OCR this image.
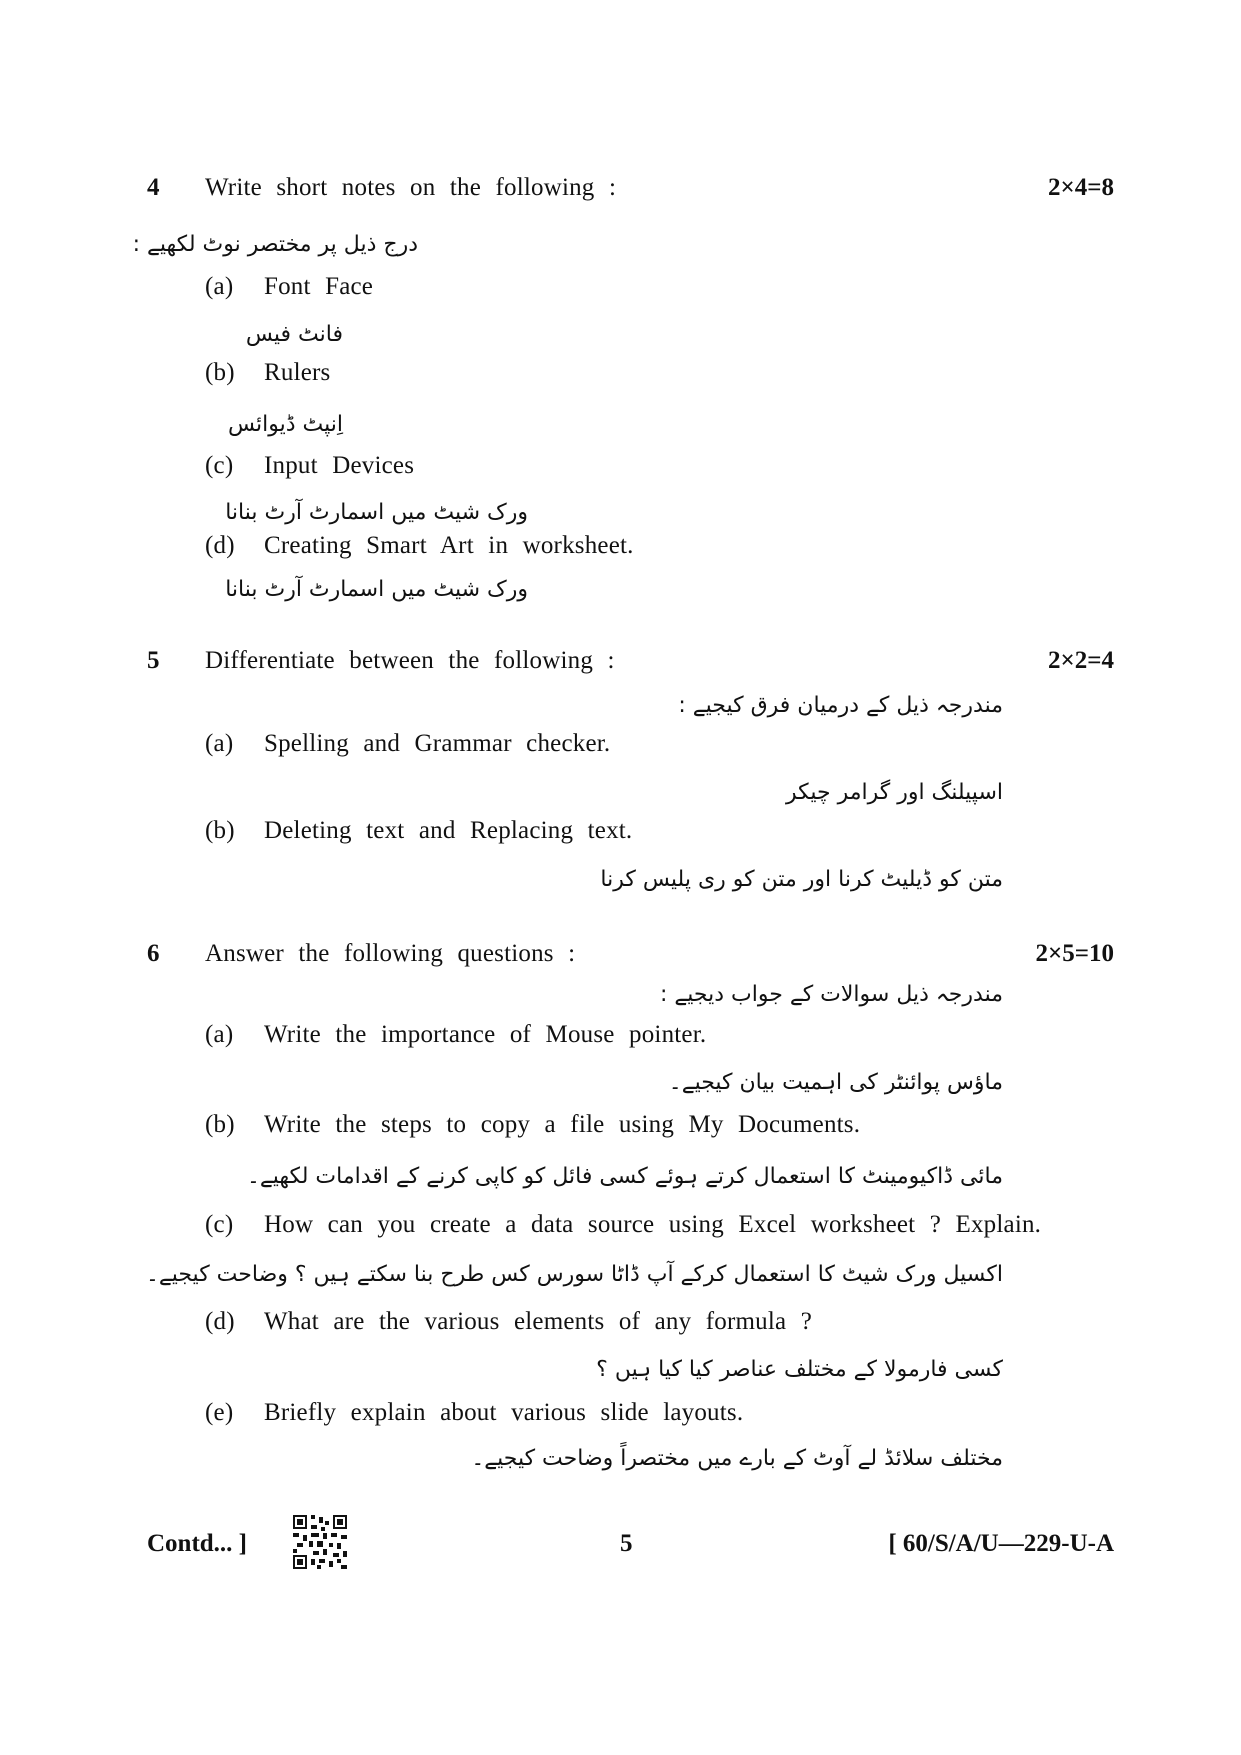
4 Write short notes on the following :	2×4=8
درج ذیل پر مختصر نوٹ لکھیے :
(a) Font Face
فانٹ فیس
(b) Rulers
اِنپٹ ڈیوائس
(c) Input Devices
ورک شیٹ میں اسمارٹ آرٹ بنانا
(d) Creating Smart Art in worksheet.
ورک شیٹ میں اسمارٹ آرٹ بنانا
5 Differentiate between the following :	2×2=4
مندرجہ ذیل کے درمیان فرق کیجیے :
(a) Spelling and Grammar checker.
اسپیلنگ اور گرامر چیکر
(b) Deleting text and Replacing text.
متن کو ڈیلیٹ کرنا اور متن کو ری پلیس کرنا
6 Answer the following questions :	2×5=10
مندرجہ ذیل سوالات کے جواب دیجیے :
(a) Write the importance of Mouse pointer.
ماؤس پوائنٹر کی اہمیت بیان کیجیے۔
(b) Write the steps to copy a file using My Documents.
مائی ڈاکیومینٹ کا استعمال کرتے ہوئے کسی فائل کو کاپی کرنے کے اقدامات لکھیے۔
(c) How can you create a data source using Excel worksheet ? Explain.
اکسیل ورک شیٹ کا استعمال کرکے آپ ڈاٹا سورس کس طرح بنا سکتے ہیں ؟ وضاحت کیجیے۔
(d) What are the various elements of any formula ?
کسی فارمولا کے مختلف عناصر کیا کیا ہیں ؟
(e) Briefly explain about various slide layouts.
مختلف سلائڈ لے آوٹ کے بارے میں مختصراً وضاحت کیجیے۔
Contd... ]	5	[ 60/S/A/U—229-U-A
